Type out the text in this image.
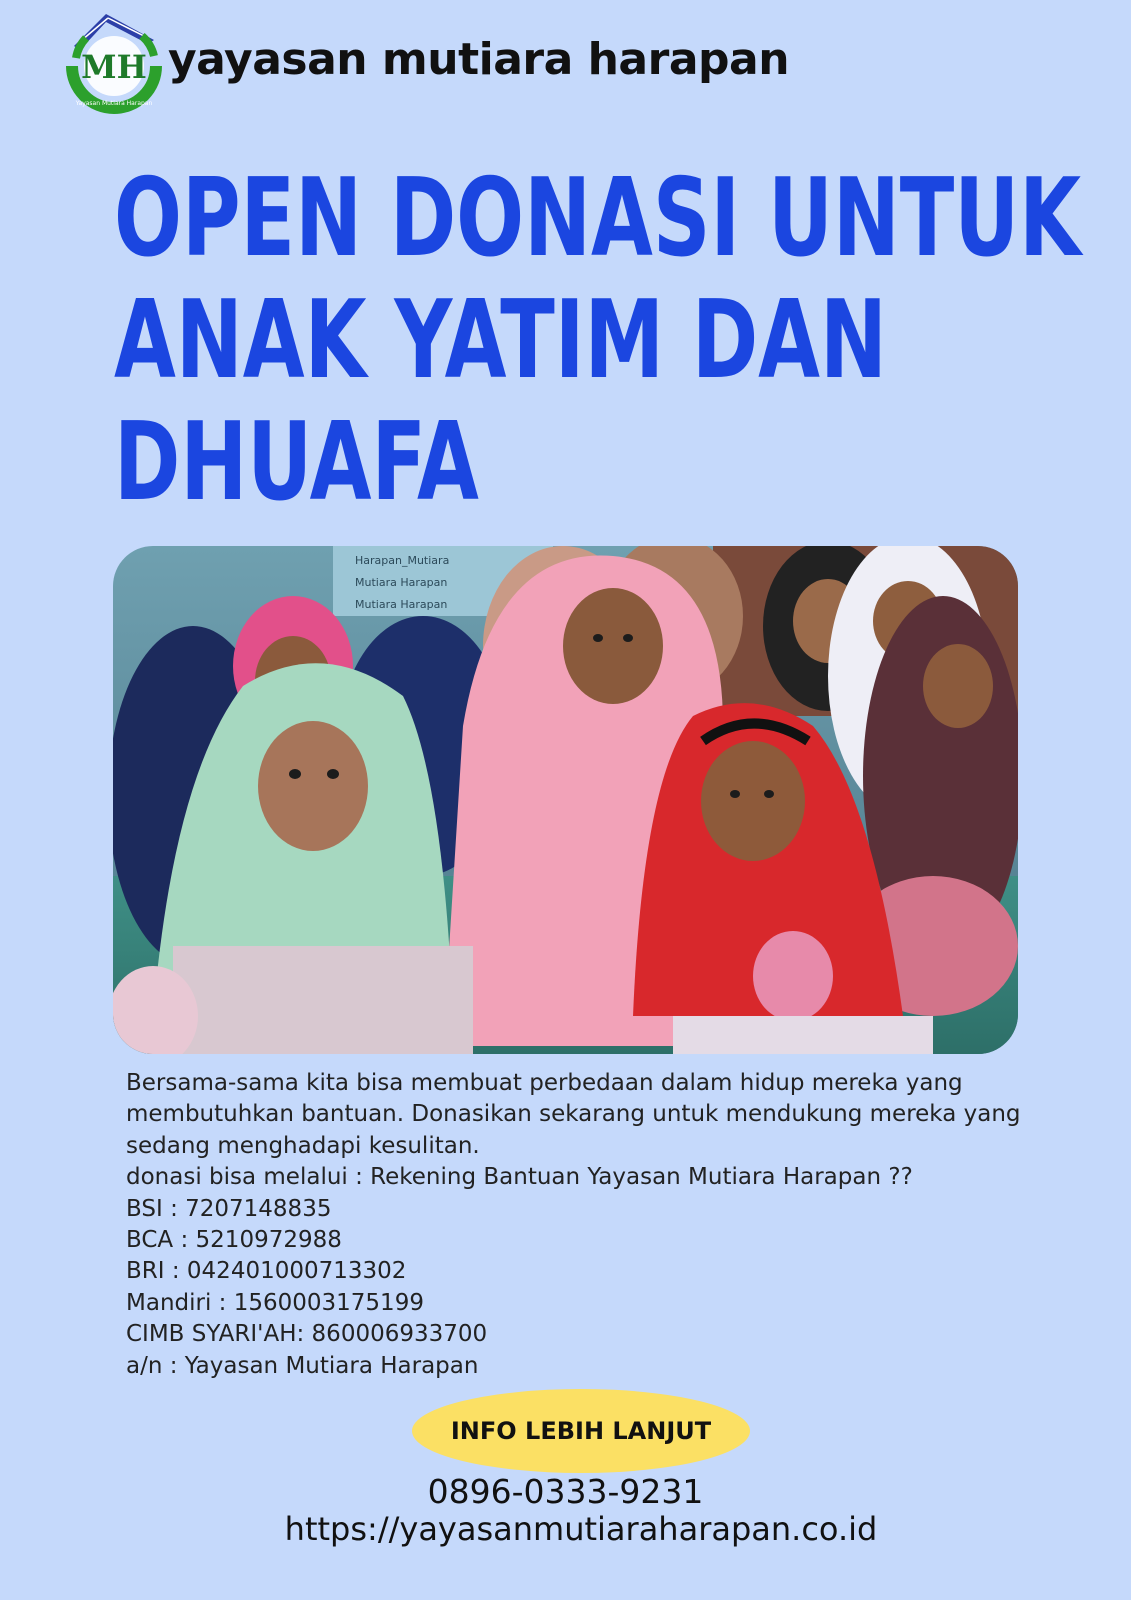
MH
Yayasan Mutiara Harapan
yayasan mutiara harapan
OPEN DONASI UNTUK
ANAK YATIM DAN
DHUAFA
Harapan_Mutiara
Mutiara Harapan
Mutiara Harapan
Bersama-sama kita bisa membuat perbedaan dalam hidup mereka yang
membutuhkan bantuan. Donasikan sekarang untuk mendukung mereka yang
sedang menghadapi kesulitan.
donasi bisa melalui : Rekening Bantuan Yayasan Mutiara Harapan ??
BSI : 7207148835
BCA : 5210972988
BRI : 042401000713302
Mandiri : 1560003175199
CIMB SYARI'AH: 860006933700
a/n : Yayasan Mutiara Harapan
INFO LEBIH LANJUT
0896-0333-9231
https://yayasanmutiaraharapan.co.id
